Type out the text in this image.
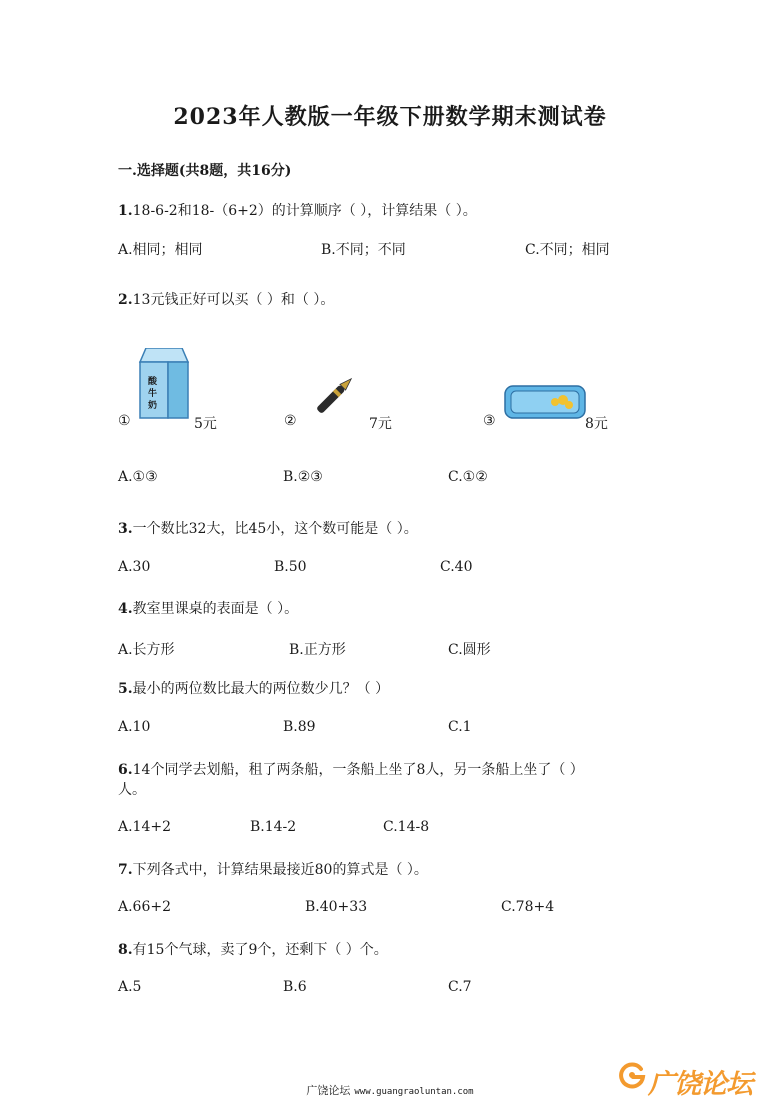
2023年人教版一年级下册数学期末测试卷
一.选择题(共8题，共16分)
1.18-6-2和18-（6+2）的计算顺序（ ），计算结果（ ）。
A.相同；相同	B.不同；不同	C.不同；相同
2.13元钱正好可以买（ ）和（ ）。
酸
牛
奶
①	5元	②	7元	③	8元
A.①③	B.②③	C.①②
3.一个数比32大，比45小，这个数可能是（ ）。
A.30	B.50	C.40
4.教室里课桌的表面是（ ）。
A.长方形	B.正方形	C.圆形
5.最小的两位数比最大的两位数少几？（ ）
A.10	B.89	C.1
6.14个同学去划船，租了两条船，一条船上坐了8人，另一条船上坐了（ ）
人。
A.14+2	B.14-2	C.14-8
7.下列各式中，计算结果最接近80的算式是（ ）。
A.66+2	B.40+33	C.78+4
8.有15个气球，卖了9个，还剩下（ ）个。
A.5	B.6	C.7
广饶论坛 www.guangraoluntan.com	广饶论坛
